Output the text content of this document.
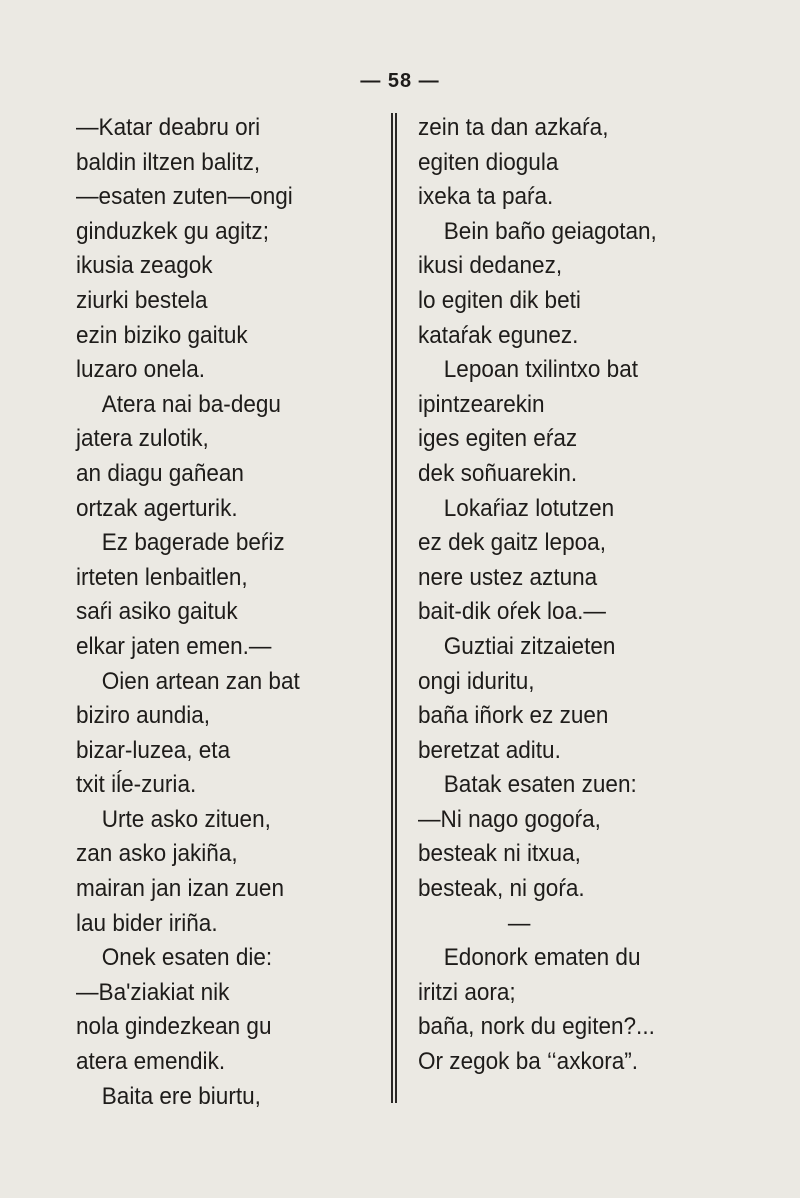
— 58 —
—Katar deabru ori
baldin iltzen balitz,
—esaten zuten—ongi
ginduzkek gu agitz;
ikusia zeagok
ziurki bestela
ezin biziko gaituk
luzaro onela.
Atera nai ba-degu
jatera zulotik,
an diagu gañean
ortzak agerturik.
Ez bagerade beŕiz
irteten lenbaitlen,
saŕi asiko gaituk
elkar jaten emen.—
Oien artean zan bat
biziro aundia,
bizar-luzea, eta
txit iĺe-zuria.
Urte asko zituen,
zan asko jakiña,
mairan jan izan zuen
lau bider iriña.
Onek esaten die:
—Ba'ziakiat nik
nola gindezkean gu
atera emendik.
Baita ere biurtu,
zein ta dan azkaŕa,
egiten diogula
ixeka ta paŕa.
Bein baño geiagotan,
ikusi dedanez,
lo egiten dik beti
kataŕak egunez.
Lepoan txilintxo bat
ipintzearekin
iges egiten eŕaz
dek soñuarekin.
Lokaŕiaz lotutzen
ez dek gaitz lepoa,
nere ustez aztuna
bait-dik oŕek loa.—
Guztiai zitzaieten
ongi iduritu,
baña iñork ez zuen
beretzat aditu.
Batak esaten zuen:
—Ni nago gogoŕa,
besteak ni itxua,
besteak, ni goŕa.
—
Edonork ematen du
iritzi aora;
baña, nork du egiten?...
Or zegok ba ‘‘axkora”.
